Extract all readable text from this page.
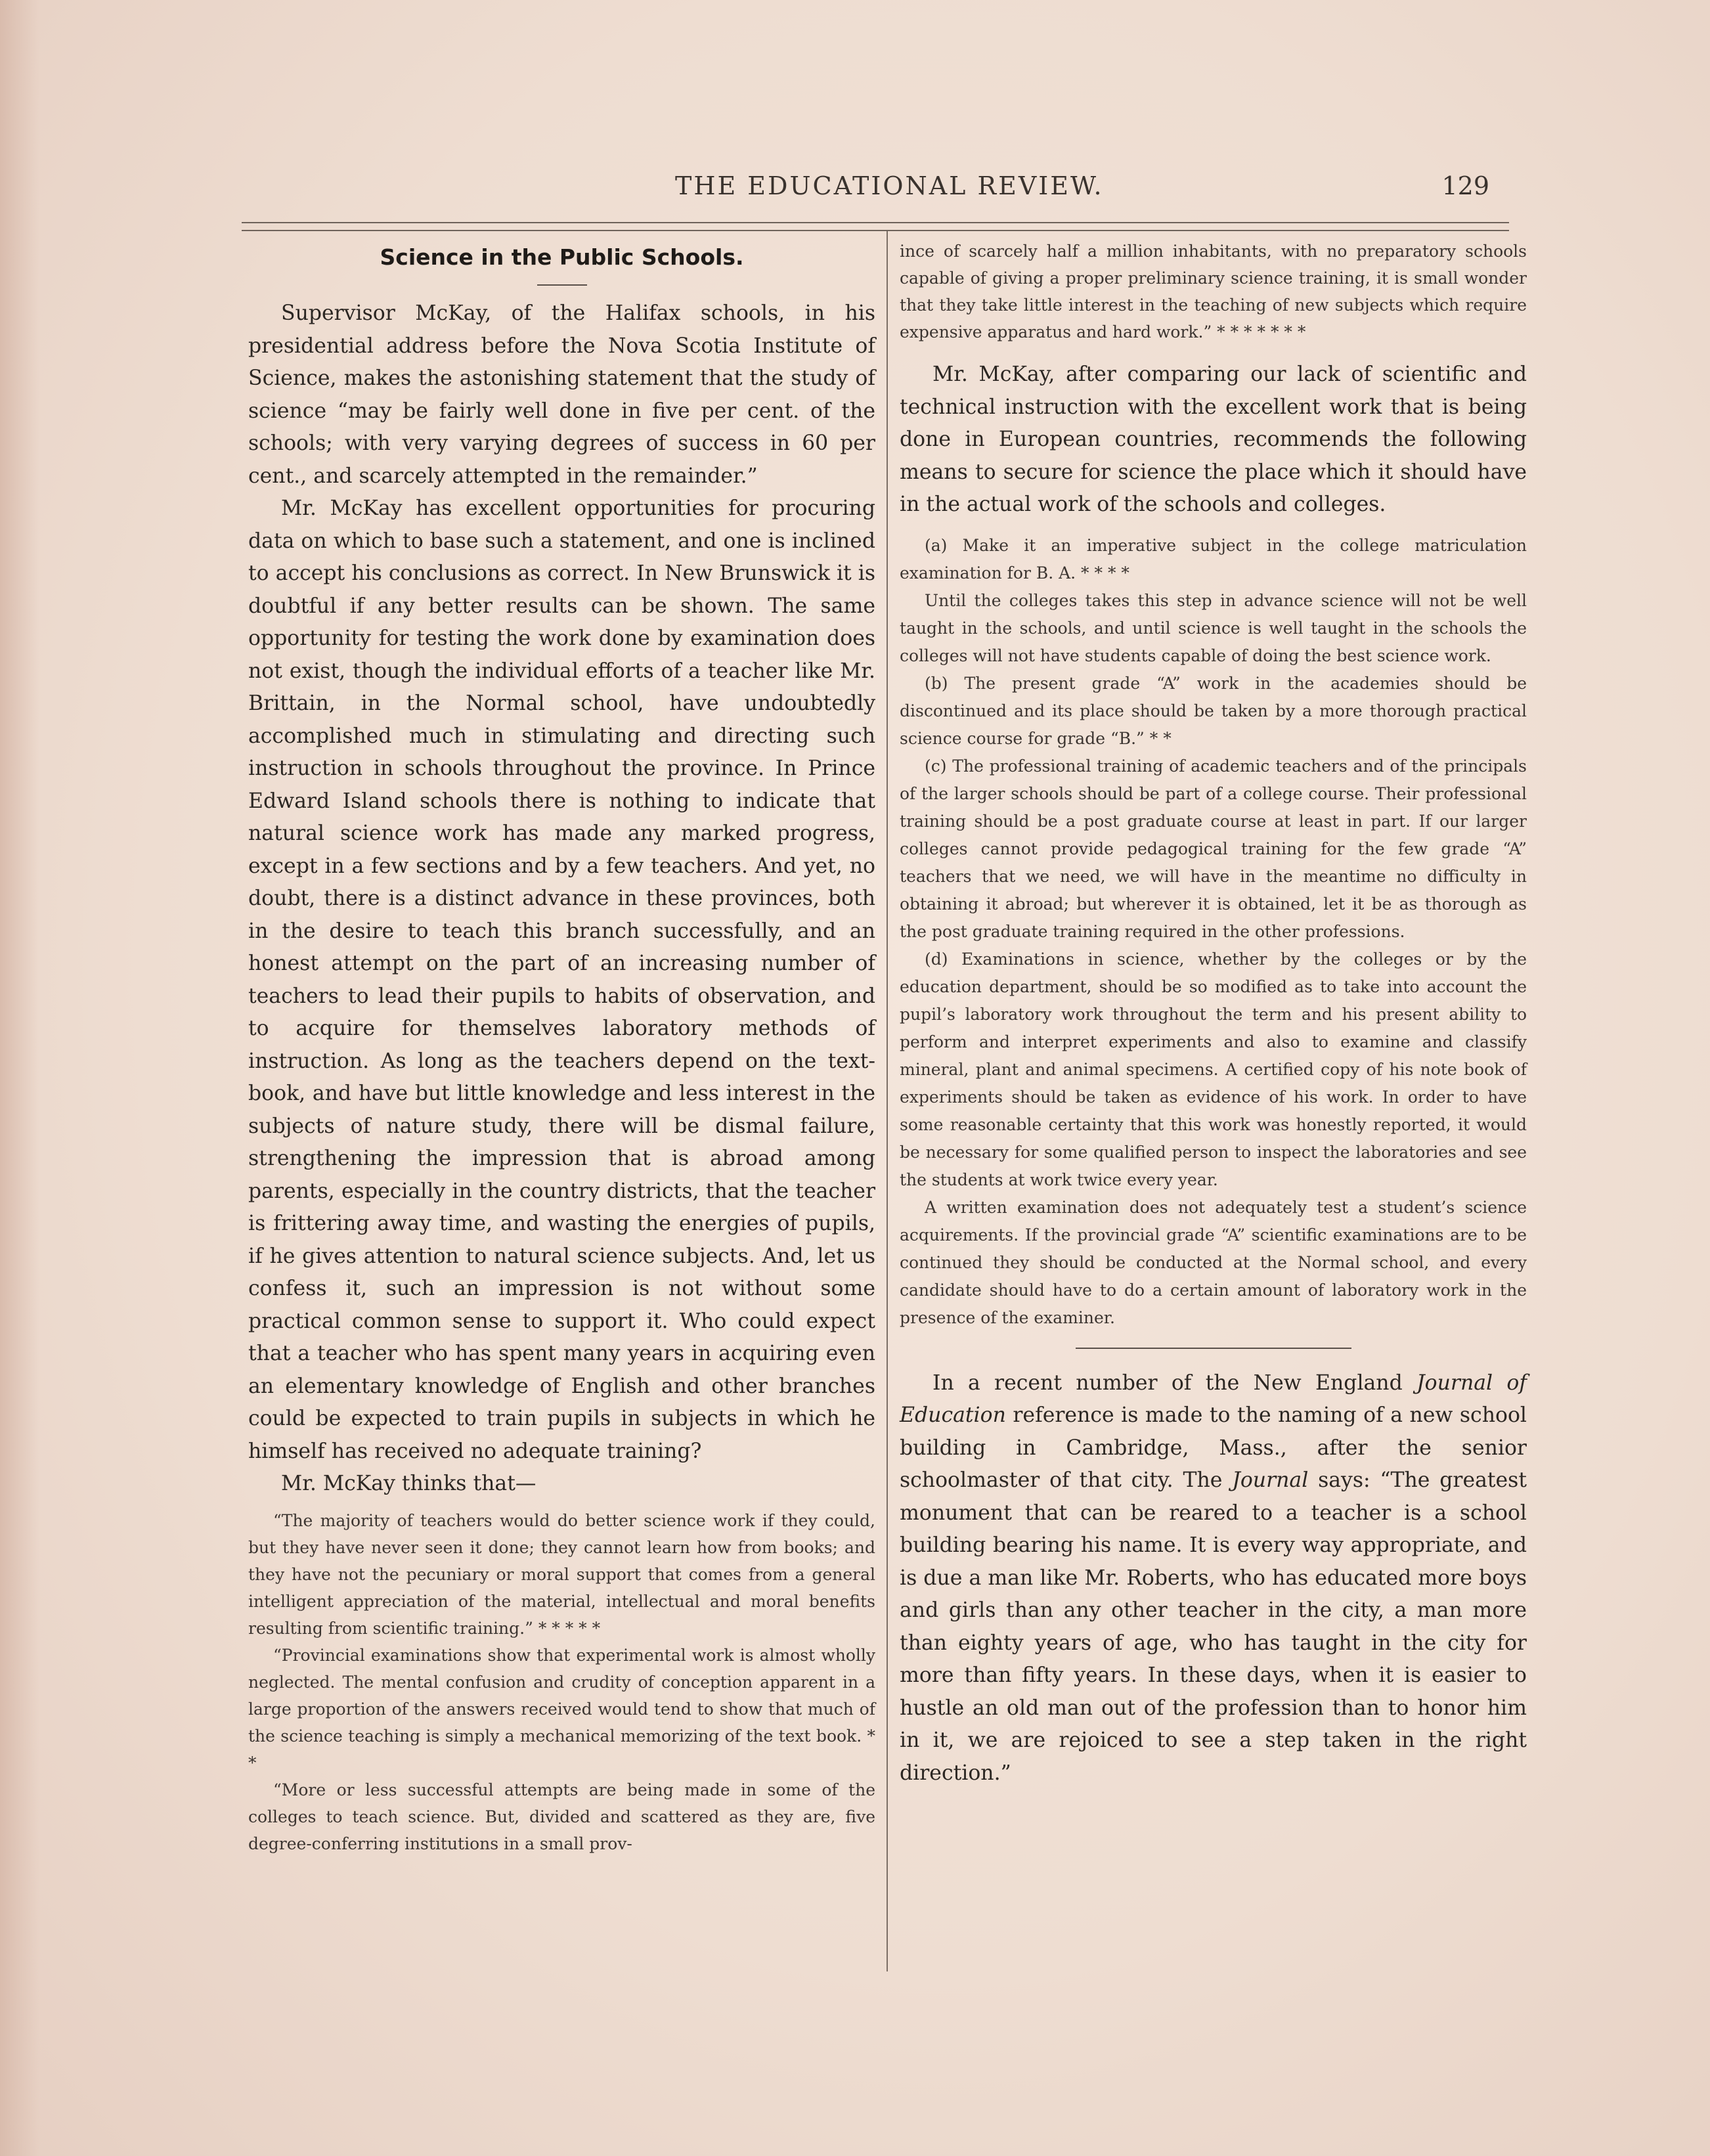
THE EDUCATIONAL REVIEW.	129
Science in the Public Schools.

Supervisor McKay, of the Halifax schools, in his presidential address before the Nova Scotia Institute of Science, makes the astonishing statement that the study of science “may be fairly well done in five per cent. of the schools; with very varying degrees of success in 60 per cent., and scarcely attempted in the remainder.”

Mr. McKay has excellent opportunities for procuring data on which to base such a statement, and one is inclined to accept his conclusions as correct. In New Brunswick it is doubtful if any better results can be shown. The same opportunity for testing the work done by examination does not exist, though the individual efforts of a teacher like Mr. Brittain, in the Normal school, have undoubtedly accomplished much in stimulating and directing such instruction in schools throughout the province. In Prince Edward Island schools there is nothing to indicate that natural science work has made any marked progress, except in a few sections and by a few teachers. And yet, no doubt, there is a distinct advance in these provinces, both in the desire to teach this branch successfully, and an honest attempt on the part of an increasing number of teachers to lead their pupils to habits of observation, and to acquire for themselves laboratory methods of instruction. As long as the teachers depend on the text-book, and have but little knowledge and less interest in the subjects of nature study, there will be dismal failure, strengthening the impression that is abroad among parents, especially in the country districts, that the teacher is frittering away time, and wasting the energies of pupils, if he gives attention to natural science subjects. And, let us confess it, such an impression is not without some practical common sense to support it. Who could expect that a teacher who has spent many years in acquiring even an elementary knowledge of English and other branches could be expected to train pupils in subjects in which he himself has received no adequate training?

Mr. McKay thinks that—

“The majority of teachers would do better science work if they could, but they have never seen it done; they cannot learn how from books; and they have not the pecuniary or moral support that comes from a general intelligent appreciation of the material, intellectual and moral benefits resulting from scientific training.” * * * * *

“Provincial examinations show that experimental work is almost wholly neglected. The mental confusion and crudity of conception apparent in a large proportion of the answers received would tend to show that much of the science teaching is simply a mechanical memorizing of the text book. * *

“More or less successful attempts are being made in some of the colleges to teach science. But, divided and scattered as they are, five degree-conferring institutions in a small prov-

ince of scarcely half a million inhabitants, with no preparatory schools capable of giving a proper preliminary science training, it is small wonder that they take little interest in the teaching of new subjects which require expensive apparatus and hard work.” * * * * * * *

Mr. McKay, after comparing our lack of scientific and technical instruction with the excellent work that is being done in European countries, recommends the following means to secure for science the place which it should have in the actual work of the schools and colleges.

(a) Make it an imperative subject in the college matriculation examination for B. A. * * * *

Until the colleges takes this step in advance science will not be well taught in the schools, and until science is well taught in the schools the colleges will not have students capable of doing the best science work.

(b) The present grade “A” work in the academies should be discontinued and its place should be taken by a more thorough practical science course for grade “B.” * *

(c) The professional training of academic teachers and of the principals of the larger schools should be part of a college course. Their professional training should be a post graduate course at least in part. If our larger colleges cannot provide pedagogical training for the few grade “A” teachers that we need, we will have in the meantime no difficulty in obtaining it abroad; but wherever it is obtained, let it be as thorough as the post graduate training required in the other professions.

(d) Examinations in science, whether by the colleges or by the education department, should be so modified as to take into account the pupil’s laboratory work throughout the term and his present ability to perform and interpret experiments and also to examine and classify mineral, plant and animal specimens. A certified copy of his note book of experiments should be taken as evidence of his work. In order to have some reasonable certainty that this work was honestly reported, it would be necessary for some qualified person to inspect the laboratories and see the students at work twice every year.

A written examination does not adequately test a student’s science acquirements. If the provincial grade “A” scientific examinations are to be continued they should be conducted at the Normal school, and every candidate should have to do a certain amount of laboratory work in the presence of the examiner.

In a recent number of the New England Journal of Education reference is made to the naming of a new school building in Cambridge, Mass., after the senior schoolmaster of that city. The Journal says: “The greatest monument that can be reared to a teacher is a school building bearing his name. It is every way appropriate, and is due a man like Mr. Roberts, who has educated more boys and girls than any other teacher in the city, a man more than eighty years of age, who has taught in the city for more than fifty years. In these days, when it is easier to hustle an old man out of the profession than to honor him in it, we are rejoiced to see a step taken in the right direction.”
